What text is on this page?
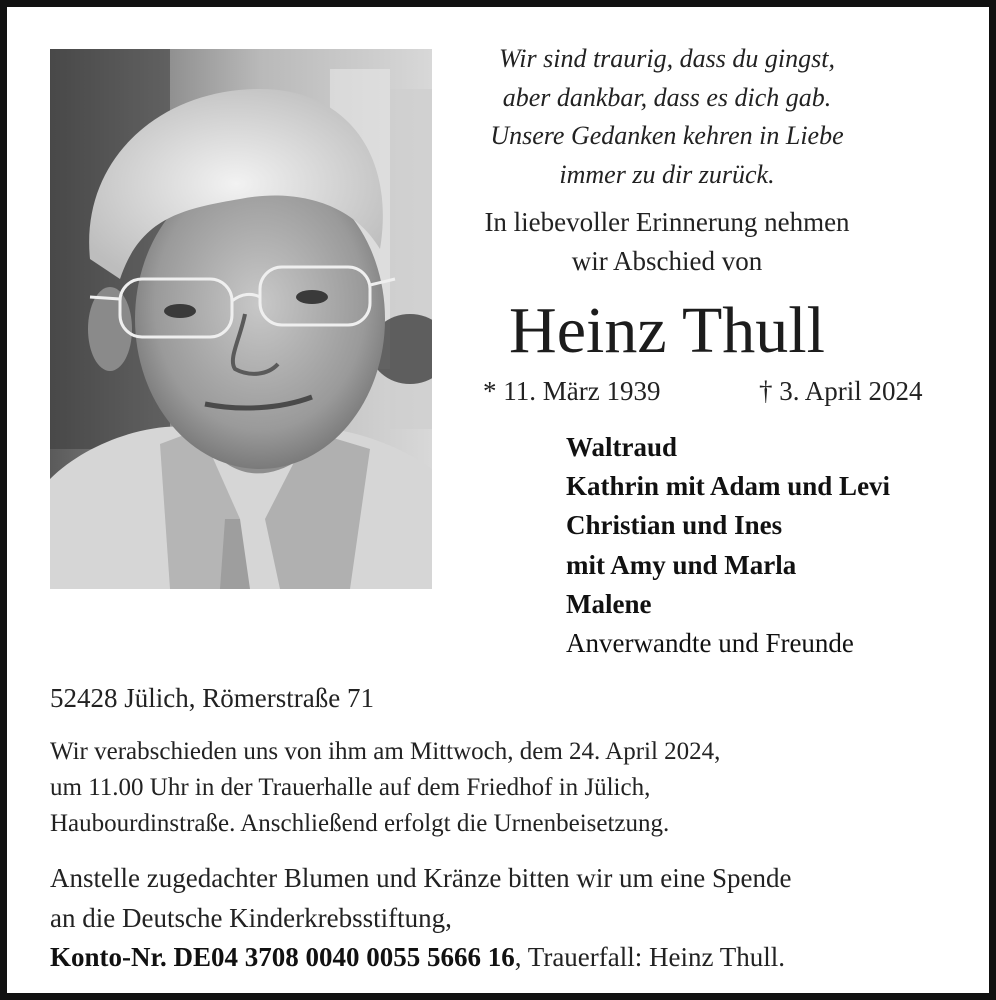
Wir sind traurig, dass du gingst,
aber dankbar, dass es dich gab.
Unsere Gedanken kehren in Liebe
immer zu dir zurück.
In liebevoller Erinnerung nehmen
wir Abschied von
Heinz Thull
* 11. März 1939	† 3. April 2024
Waltraud
Kathrin mit Adam und Levi
Christian und Ines
mit Amy und Marla
Malene
Anverwandte und Freunde
52428 Jülich, Römerstraße 71
Wir verabschieden uns von ihm am Mittwoch, dem 24. April 2024,
um 11.00 Uhr in der Trauerhalle auf dem Friedhof in Jülich,
Haubourdinstraße. Anschließend erfolgt die Urnenbeisetzung.
Anstelle zugedachter Blumen und Kränze bitten wir um eine Spende
an die Deutsche Kinderkrebsstiftung,
Konto-Nr. DE04 3708 0040 0055 5666 16, Trauerfall: Heinz Thull.
